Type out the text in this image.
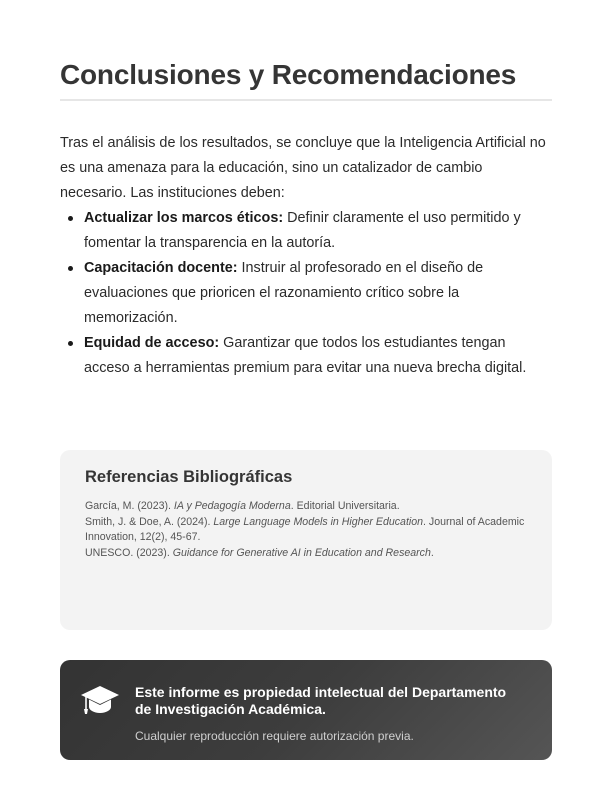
Conclusiones y Recomendaciones

Tras el análisis de los resultados, se concluye que la Inteligencia Artificial no es una amenaza para la educación, sino un catalizador de cambio necesario. Las instituciones deben:

Actualizar los marcos éticos: Definir claramente el uso permitido y fomentar la transparencia en la autoría.
Capacitación docente: Instruir al profesorado en el diseño de evaluaciones que prioricen el razonamiento crítico sobre la memorización.
Equidad de acceso: Garantizar que todos los estudiantes tengan acceso a herramientas premium para evitar una nueva brecha digital.
Referencias Bibliográficas
García, M. (2023). IA y Pedagogía Moderna. Editorial Universitaria.
Smith, J. & Doe, A. (2024). Large Language Models in Higher Education. Journal of Academic Innovation, 12(2), 45-67.
UNESCO. (2023). Guidance for Generative AI in Education and Research.
Este informe es propiedad intelectual del Departamento de Investigación Académica.
Cualquier reproducción requiere autorización previa.
